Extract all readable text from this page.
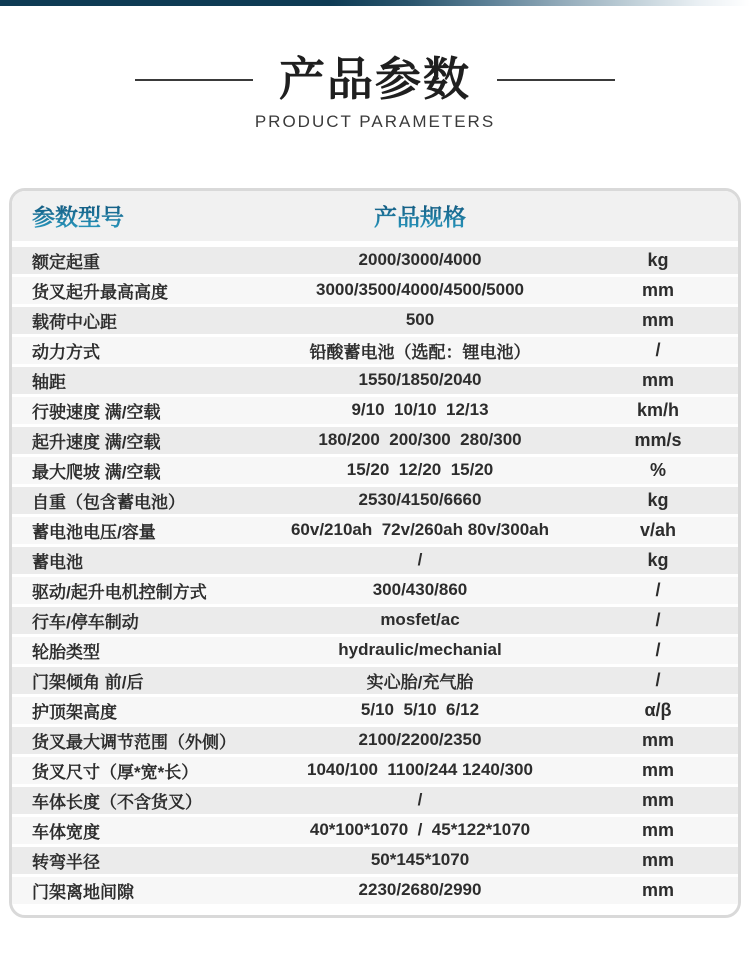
产品参数
PRODUCT PARAMETERS
参数型号	产品规格
额定起重	2000/3000/4000	kg
货叉起升最高高度	3000/3500/4000/4500/5000	mm
载荷中心距	500	mm
动力方式	铅酸蓄电池（选配：锂电池）	/
轴距	1550/1850/2040	mm
行驶速度 满/空载	9/10  10/10  12/13	km/h
起升速度 满/空载	180/200  200/300  280/300	mm/s
最大爬坡 满/空载	15/20  12/20  15/20	%
自重（包含蓄电池）	2530/4150/6660	kg
蓄电池电压/容量	60v/210ah  72v/260ah 80v/300ah	v/ah
蓄电池	/	kg
驱动/起升电机控制方式	300/430/860	/
行车/停车制动	mosfet/ac	/
轮胎类型	hydraulic/mechanial	/
门架倾角 前/后	实心胎/充气胎	/
护顶架高度	5/10  5/10  6/12	α/β
货叉最大调节范围（外侧）	2100/2200/2350	mm
货叉尺寸（厚*宽*长）	1040/100  1100/244 1240/300	mm
车体长度（不含货叉）	/	mm
车体宽度	40*100*1070  /  45*122*1070	mm
转弯半径	50*145*1070	mm
门架离地间隙	2230/2680/2990	mm
